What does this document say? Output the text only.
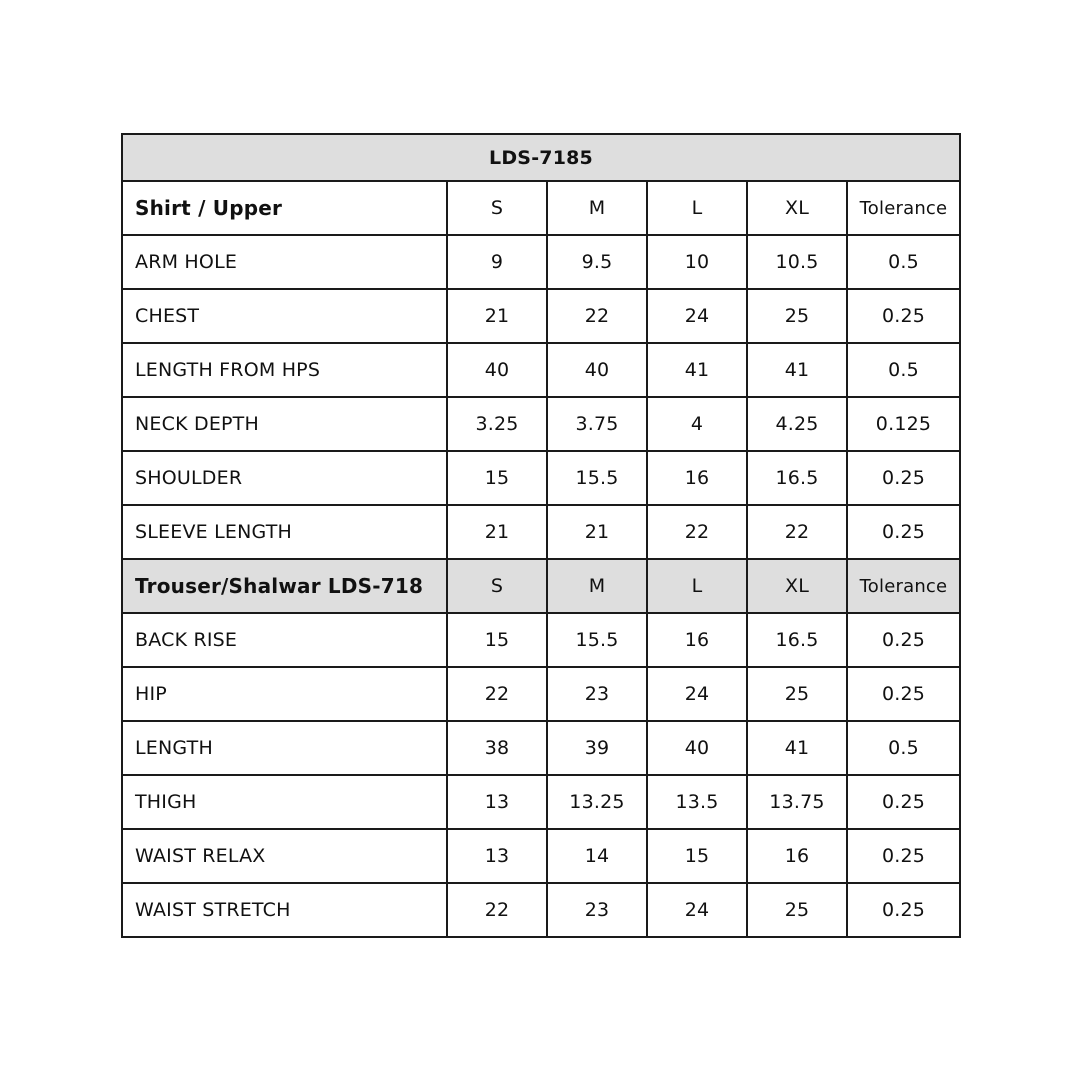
LDS-7185					
Shirt / Upper	S	M	L	XL	Tolerance
ARM HOLE	9	9.5	10	10.5	0.5
CHEST	21	22	24	25	0.25
LENGTH FROM HPS	40	40	41	41	0.5
NECK DEPTH	3.25	3.75	4	4.25	0.125
SHOULDER	15	15.5	16	16.5	0.25
SLEEVE LENGTH	21	21	22	22	0.25
Trouser/Shalwar LDS-718	S	M	L	XL	Tolerance
BACK RISE	15	15.5	16	16.5	0.25
HIP	22	23	24	25	0.25
LENGTH	38	39	40	41	0.5
THIGH	13	13.25	13.5	13.75	0.25
WAIST RELAX	13	14	15	16	0.25
WAIST STRETCH	22	23	24	25	0.25
